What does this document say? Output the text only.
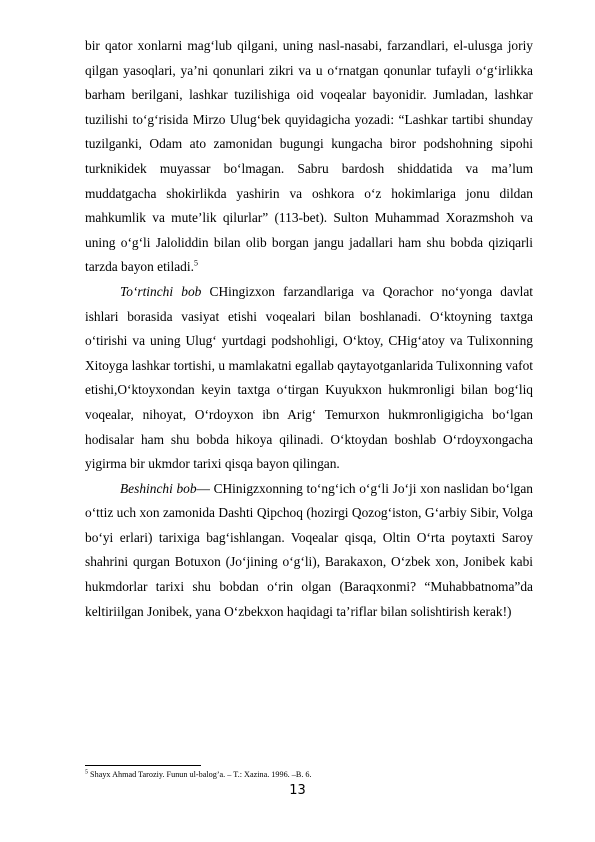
bir qator xonlarni mag‘lub qilgani, uning nasl-nasabi, farzandlari, el-ulusga joriy qilgan yasoqlari, ya’ni qonunlari zikri va u o‘rnatgan qonunlar tufayli o‘g‘irlikka barham berilgani, lashkar tuzilishiga oid voqealar bayonidir. Jumladan, lashkar tuzilishi to‘g‘risida Mirzo Ulug‘bek quyidagicha yozadi: “Lashkar tartibi shunday tuzilganki, Odam ato zamonidan bugungi kungacha biror podshohning sipohi turknikidek muyassar bo‘lmagan. Sabru bardosh shiddatida va ma’lum muddatgacha shokirlikda yashirin va oshkora o‘z hokimlariga jonu dildan mahkumlik va mute’lik qilurlar” (113-bet). Sulton Muhammad Xorazmshoh va uning o‘g‘li Jaloliddin bilan olib borgan jangu jadallari ham shu bobda qiziqarli tarzda bayon etiladi.$^5$

To‘rtinchi bob CHingizxon farzandlariga va Qorachor no‘yonga davlat ishlari borasida vasiyat etishi voqealari bilan boshlanadi. O‘ktoyning taxtga o‘tirishi va uning Ulug‘ yurtdagi podshohligi, O‘ktoy, CHig‘atoy va Tulixonning Xitoyga lashkar tortishi, u mamlakatni egallab qaytayotganlarida Tulixonning vafot etishi,O‘ktoyxondan keyin taxtga o‘tirgan Kuyukxon hukmronligi bilan bog‘liq voqealar, nihoyat, O‘rdoyxon ibn Arig‘ Temurxon hukmronligigicha bo‘lgan hodisalar ham shu bobda hikoya qilinadi. O‘ktoydan boshlab O‘rdoyxongacha yigirma bir ukmdor tarixi qisqa bayon qilingan.

Beshinchi bob— CHinigzxonning to‘ng‘ich o‘g‘li Jo‘ji xon naslidan bo‘lgan o‘ttiz uch xon zamonida Dashti Qipchoq (hozirgi Qozog‘iston, G‘arbiy Sibir, Volga bo‘yi erlari) tarixiga bag‘ishlangan. Voqealar qisqa, Oltin O‘rta poytaxti Saroy shahrini qurgan Botuxon (Jo‘jining o‘g‘li), Barakaxon, O‘zbek xon, Jonibek kabi hukmdorlar tarixi shu bobdan o‘rin olgan (Baraqxonmi? “Muhabbatnoma”da keltiriilgan Jonibek, yana O‘zbekxon haqidagi ta’riflar bilan solishtirish kerak!)

$^5$ Shayx Ahmad Taroziy. Funun ul-balog’a. – T.: Xazina. 1996. –B. 6.
13
